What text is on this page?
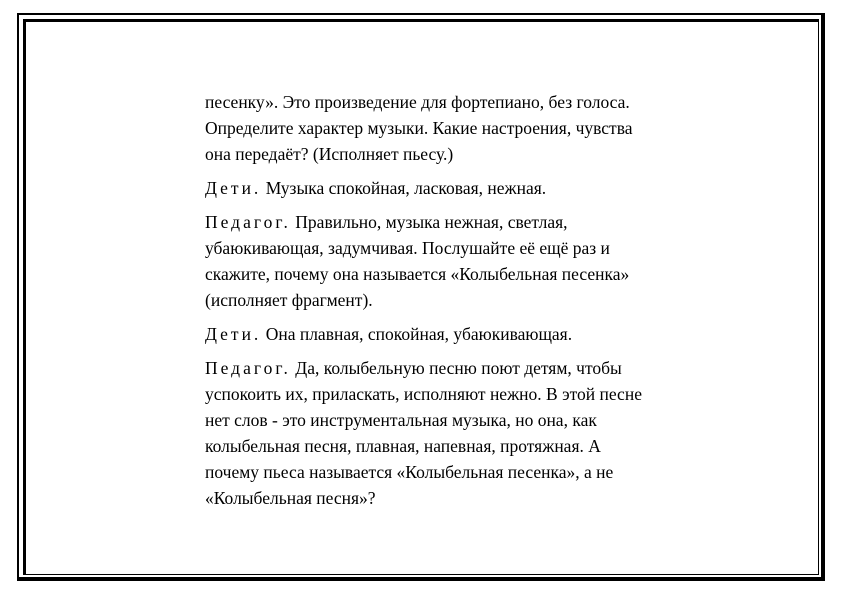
песенку». Это произведение для фортепиано, без голоса.
Определите характер музыки. Какие настроения, чувства
она передаёт? (Исполняет пьесу.)

Дети. Музыка спокойная, ласковая, нежная.

Педагог. Правильно, музыка нежная, светлая,
убаюкивающая, задумчивая. Послушайте её ещё раз и
скажите, почему она называется «Колыбельная песенка»
(исполняет фрагмент).

Дети. Она плавная, спокойная, убаюкивающая.

Педагог. Да, колыбельную песню поют детям, чтобы
успокоить их, приласкать, исполняют нежно. В этой песне
нет слов - это инструментальная музыка, но она, как
колыбельная песня, плавная, напевная, протяжная. А
почему пьеса называется «Колыбельная песенка», а не
«Колыбельная песня»?
